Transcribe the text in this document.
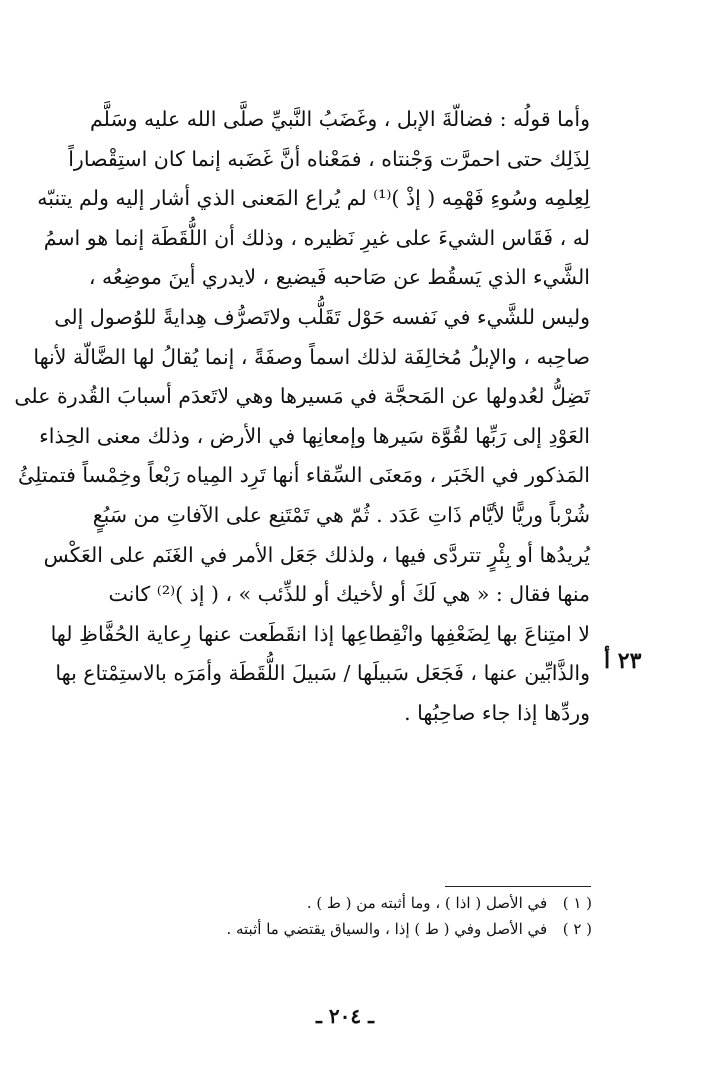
وأما قولُه : فضالّةَ الإبل ، وغَضَبُ النَّبيِّ صلَّى الله عليه وسَلَّم
لِذَلِك حتى احمرَّت وَجْنتاه ، فمَعْناه أنَّ غَضَبه إنما كان استِقْصاراً
لِعِلمِه وسُوءِ فَهْمِه ( إذْ )⁽¹⁾ لم يُراع المَعنى الذي أشار إليه ولم يتنبّه
له ، فَقَاس الشيءَ على غيرِ نَظيره ، وذلك أن اللُّقَطَة إنما هو اسمُ
الشَّيء الذي يَسقُط عن صَاحبه فَيضيع ، لايدري أينَ موضِعُه ،
وليس للشَّيء في نَفسه حَوْل تَقَلُّب ولاتَصرُّف هِدايةً للوُصول إلى
صاحِبه ، والإبلُ مُخالِفَة لذلك اسماً وصفَةً ، إنما يُقالُ لها الضَّالّة لأنها
تَضِلُّ لعُدولها عن المَحجَّة في مَسيرها وهي لاتَعدَم أسبابَ القُدرة على
العَوْدِ إلى رَبِّها لقُوَّة سَيرها وإمعانِها في الأرض ، وذلك معنى الحِذاء
المَذكور في الخَبَر ، ومَعنَى السِّقاء أنها تَرِد المِياه رَبْعاً وخِمْساً فتمتلِئُ
شُرْباً وريًّا لأيَّام ذَاتِ عَدَد . ثُمّ هي تَمْتَنِع على الآفاتِ من سَبُعٍ
يُريدُها أو بِئْرٍ تتردَّى فيها ، ولذلك جَعَل الأمر في الغَنَم على العَكْس
منها فقال : « هي لَكَ أو لأخيك أو للذِّئب » ، ( إذ )⁽²⁾ كانت
لا امتِناعَ بها لِضَعْفِها وانْقِطاعِها إذا انقَطَعت عنها رِعاية الحُفَّاظِ لها
والذَّابِّين عنها ، فَجَعَل سَبيلَها / سَبيلَ اللُّقَطَة وأمَرَه بالاستِمْتاع بها
وردِّها إذا جاء صاحِبُها .
٢٣ أ
( ١ ) في الأصل ( اذا ) ، وما أثبته من ( ط ) .
( ٢ ) في الأصل وفي ( ط ) إذا ، والسياق يقتضي ما أثبته .
ـ ٢٠٤ ـ
